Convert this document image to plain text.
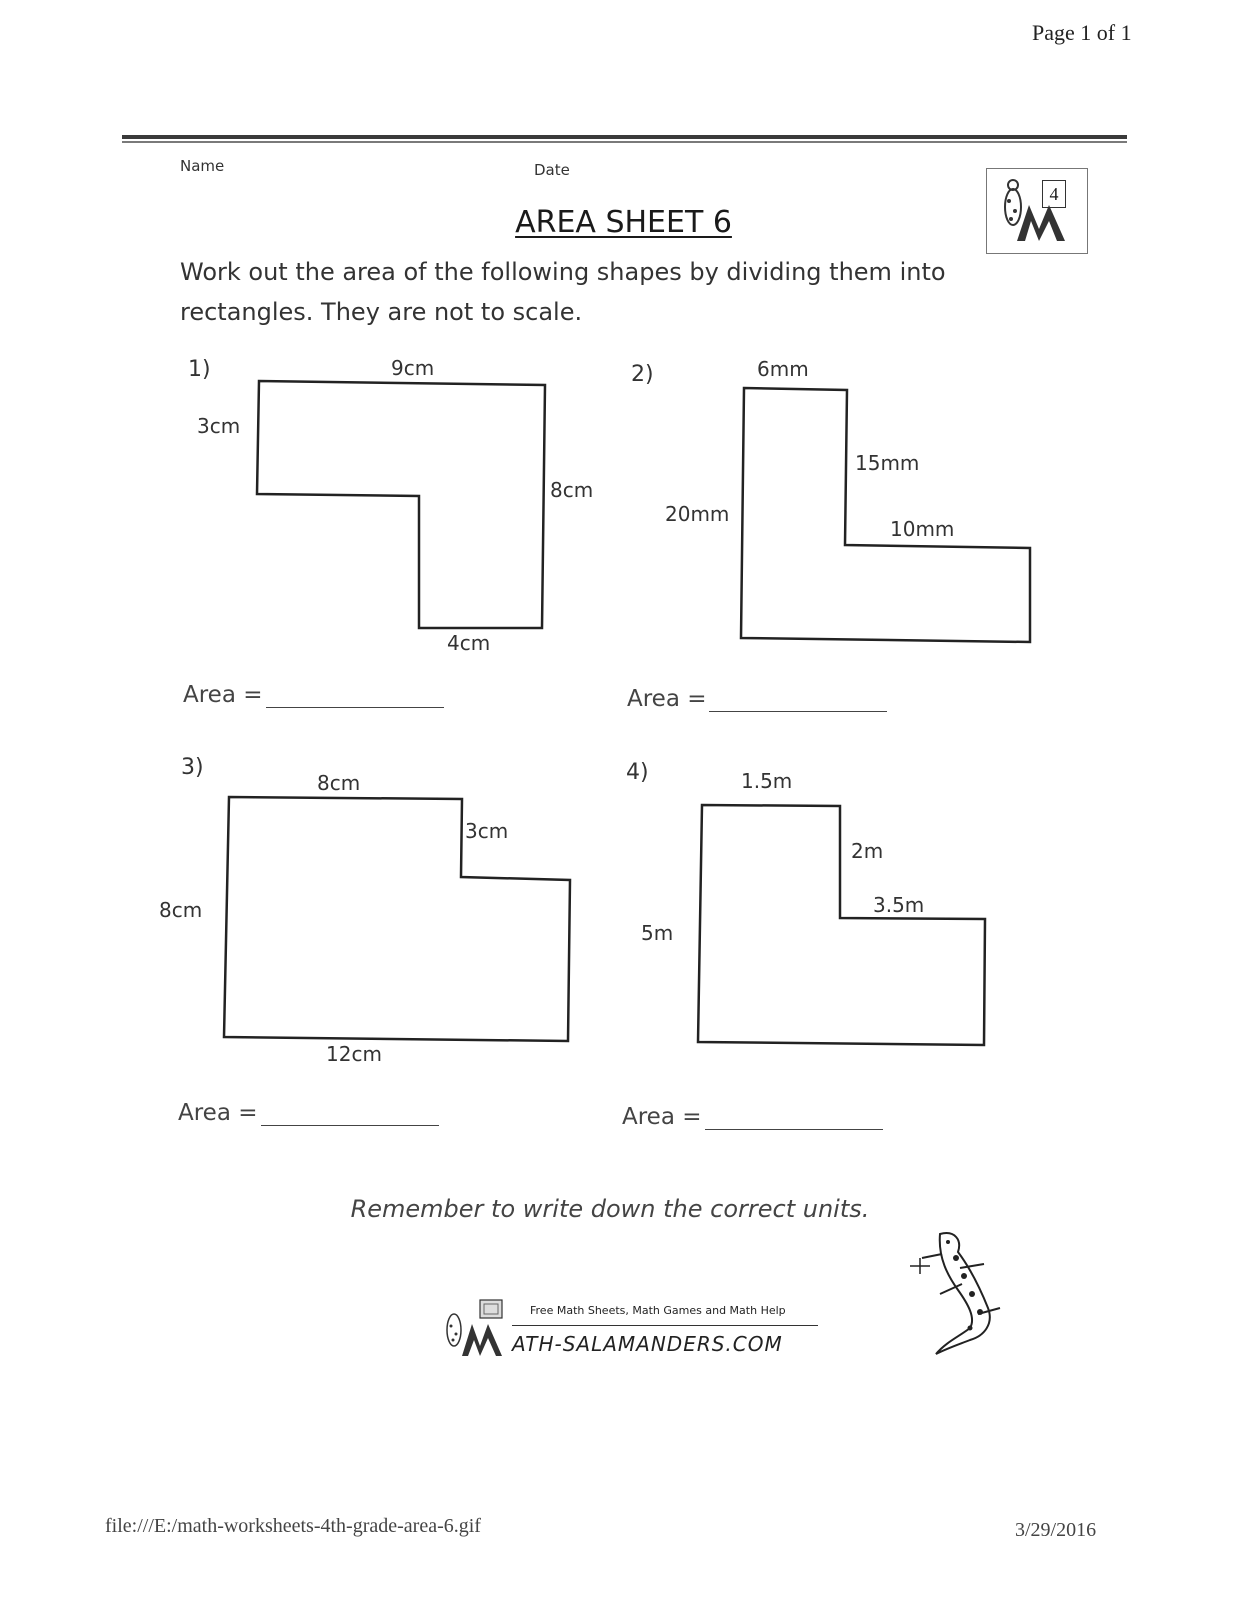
Page 1 of 1
Name	Date
4
AREA SHEET 6
Work out the area of the following shapes by dividing them into rectangles. They are not to scale.
1)	9cm
3cm
8cm
4cm
Area =
2)	6mm
15mm
20mm
10mm
Area =
3)
8cm
3cm
8cm
12cm
Area =
4)	1.5m
2m
3.5m
5m
Area =
Remember to write down the correct units.
Free Math Sheets, Math Games and Math Help
ATH-SALAMANDERS.COM
file:///E:/math-worksheets-4th-grade-area-6.gif	3/29/2016
